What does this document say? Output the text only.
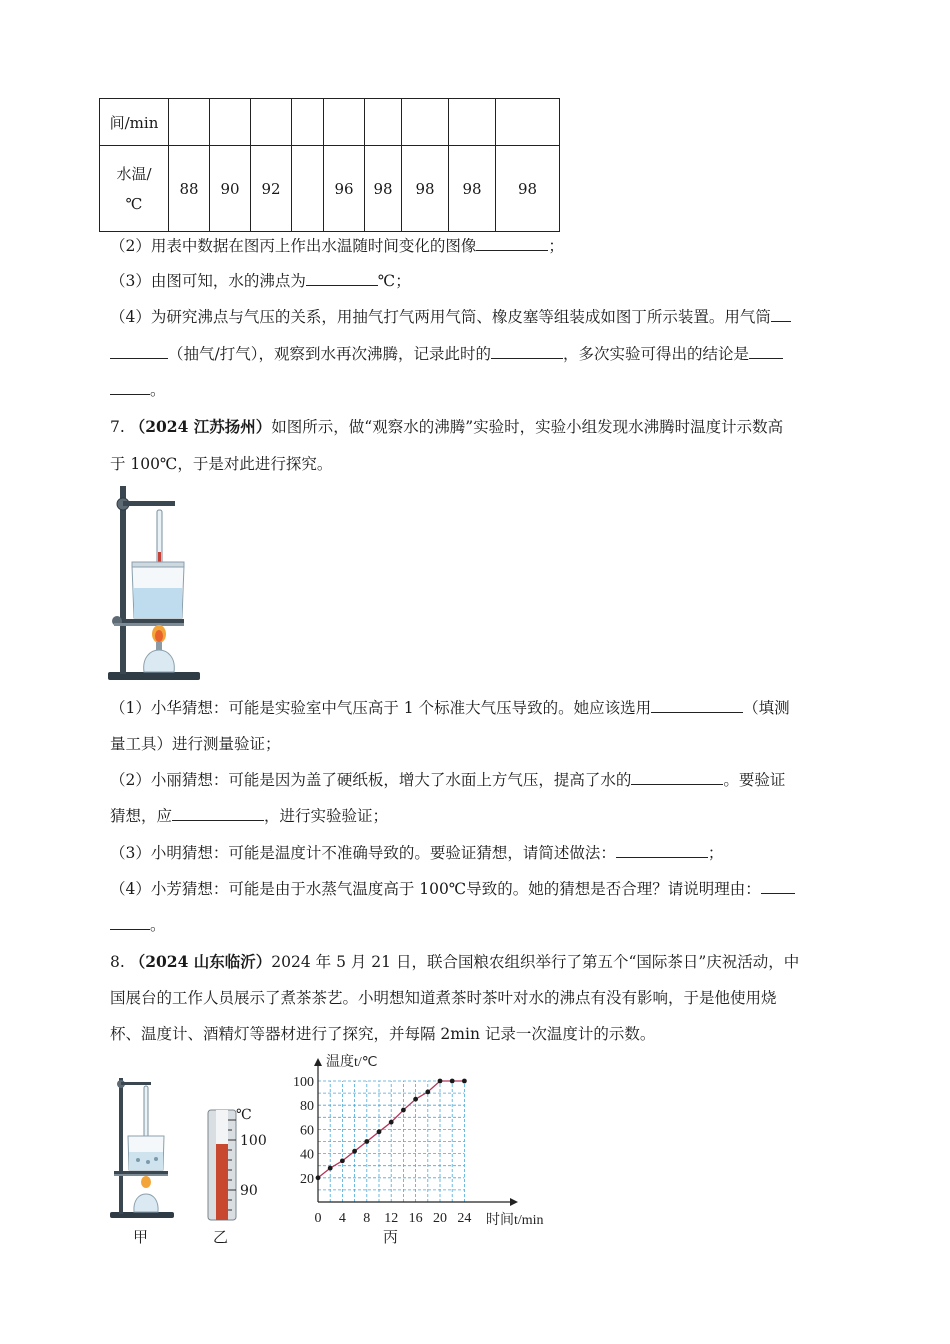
间/min									
水温/
℃	88	90	92		96	98	98	98	98
（2）用表中数据在图丙上作出水温随时间变化的图像	；
（3）由图可知，水的沸点为	℃；
（4）为研究沸点与气压的关系，用抽气打气两用气筒、橡皮塞等组装成如图丁所示装置。用气筒
（抽气/打气），观察到水再次沸腾，记录此时的	，多次实验可得出的结论是
。
7. （2024 江苏扬州）如图所示，做“观察水的沸腾”实验时，实验小组发现水沸腾时温度计示数高
于 100℃，于是对此进行探究。
（1）小华猜想：可能是实验室中气压高于 1 个标准大气压导致的。她应该选用	（填测
量工具）进行测量验证；
（2）小丽猜想：可能是因为盖了硬纸板，增大了水面上方气压，提高了水的	。要验证
猜想，应	，进行实验验证；
（3）小明猜想：可能是温度计不准确导致的。要验证猜想，请简述做法：	；
（4）小芳猜想：可能是由于水蒸气温度高于 100℃导致的。她的猜想是否合理？请说明理由：
。
8. （2024 山东临沂）2024 年 5 月 21 日，联合国粮农组织举行了第五个“国际茶日”庆祝活动，中
国展台的工作人员展示了煮茶茶艺。小明想知道煮茶时茶叶对水的沸点有没有影响，于是他使用烧
杯、温度计、酒精灯等器材进行了探究，并每隔 2min 记录一次温度计的示数。
甲
℃
100
90
乙
0 4 8 12 16 20 24
20
40
60
80
100
温度t/℃
时间t/min
丙
